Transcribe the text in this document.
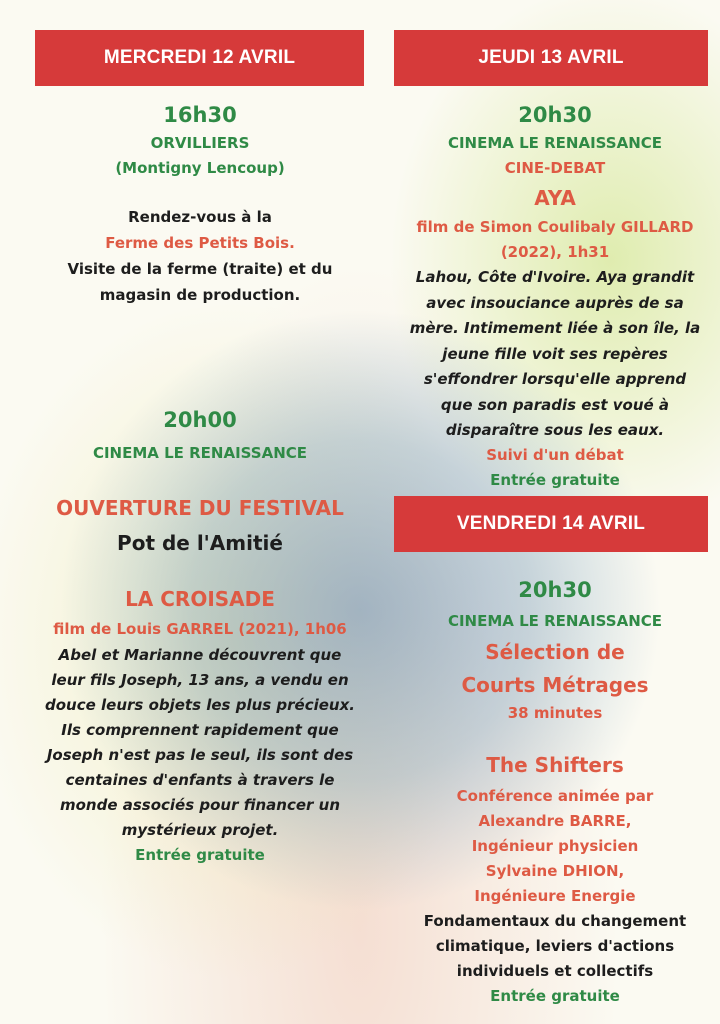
MERCREDI 12 AVRIL	JEUDI 13 AVRIL
VENDREDI 14 AVRIL
16h30
ORVILLIERS
(Montigny Lencoup)
Rendez-vous à la
Ferme des Petits Bois.
Visite de la ferme (traite) et du
magasin de production.
20h00
CINEMA LE RENAISSANCE
OUVERTURE DU FESTIVAL
Pot de l'Amitié
LA CROISADE
film de Louis GARREL (2021), 1h06
Abel et Marianne découvrent que
leur fils Joseph, 13 ans, a vendu en
douce leurs objets les plus précieux.
Ils comprennent rapidement que
Joseph n'est pas le seul, ils sont des
centaines d'enfants à travers le
monde associés pour financer un
mystérieux projet.
Entrée gratuite
20h30
CINEMA LE RENAISSANCE
CINE-DEBAT
AYA
film de Simon Coulibaly GILLARD
(2022), 1h31
Lahou, Côte d'Ivoire. Aya grandit
avec insouciance auprès de sa
mère. Intimement liée à son île, la
jeune fille voit ses repères
s'effondrer lorsqu'elle apprend
que son paradis est voué à
disparaître sous les eaux.
Suivi d'un débat
Entrée gratuite
20h30
CINEMA LE RENAISSANCE
Sélection de
Courts Métrages
38 minutes
The Shifters
Conférence animée par
Alexandre BARRE,
Ingénieur physicien
Sylvaine DHION,
Ingénieure Energie
Fondamentaux du changement
climatique, leviers d'actions
individuels et collectifs
Entrée gratuite
